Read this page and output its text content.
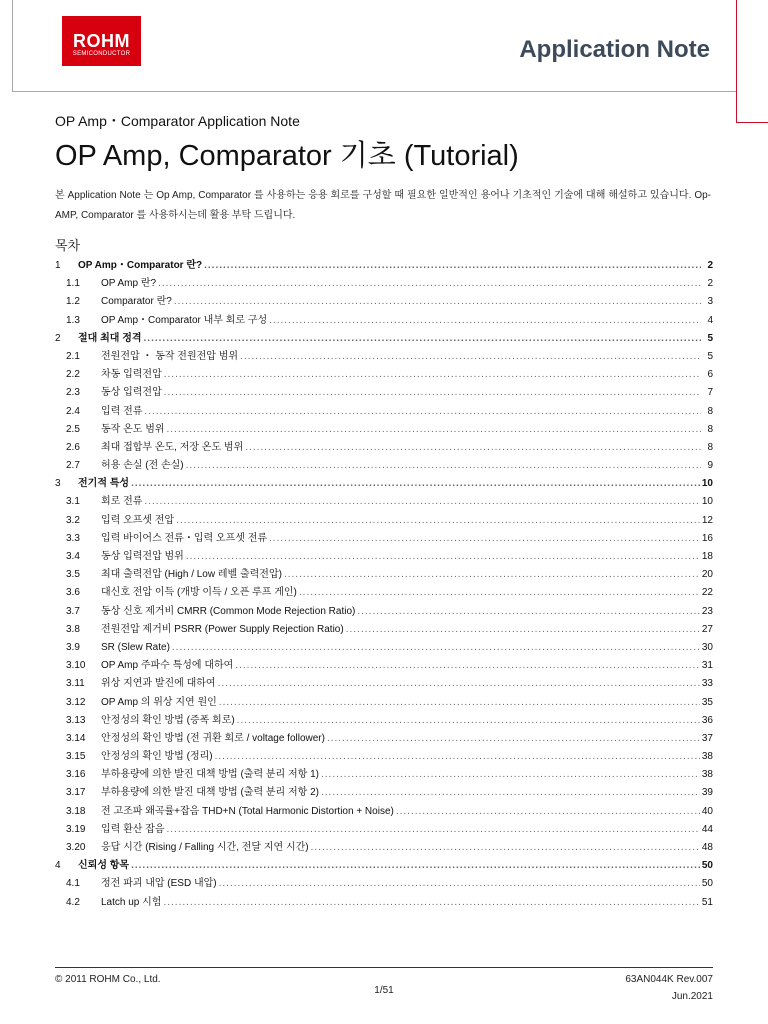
ROHM
SEMICONDUCTOR	Application Note
OP Amp・Comparator Application Note
OP Amp, Comparator 기초 (Tutorial)
본 Application Note 는 Op Amp, Comparator 를 사용하는 응용 회로를 구성할 때 필요한 일반적인 용어나 기초적인 기술에 대해 해설하고 있습니다. Op-AMP, Comparator 를 사용하시는데 활용 부탁 드립니다.
목차
1	OP Amp・Comparator 란? .....	2
1.1	OP Amp 란? .....	2
1.2	Comparator 란? .....	3
1.3	OP Amp・Comparator 내부 회로 구성 .....	4
2	절대 최대 정격 .....	5
2.1	전원전압 ・ 동작 전원전압 범위 .....	5
2.2	차동 입력전압 .....	6
2.3	동상 입력전압 .....	7
2.4	입력 전류 .....	8
2.5	동작 온도 범위 .....	8
2.6	최대 접합부 온도, 저장 온도 범위 .....	8
2.7	허용 손실 (전 손실) .....	9
3	전기적 특성 .....	10
3.1	회로 전류 .....	10
3.2	입력 오프셋 전압 .....	12
3.3	입력 바이어스 전류・입력 오프셋 전류 .....	16
3.4	동상 입력전압 범위 .....	18
3.5	최대 출력전압 (High / Low 레벨 출력전압) .....	20
3.6	대신호 전압 이득 (개방 이득 / 오픈 루프 게인) .....	22
3.7	동상 신호 제거비 CMRR (Common Mode Rejection Ratio) .....	23
3.8	전원전압 제거비 PSRR (Power Supply Rejection Ratio) .....	27
3.9	SR (Slew Rate) .....	30
3.10	OP Amp 주파수 특성에 대하여 .....	31
3.11	위상 지연과 발진에 대하여 .....	33
3.12	OP Amp 의 위상 지연 원인 .....	35
3.13	안정성의 확인 방법 (증폭 회로) .....	36
3.14	안정성의 확인 방법 (전 귀환 회로 / voltage follower) .....	37
3.15	안정성의 확인 방법 (정리) .....	38
3.16	부하용량에 의한 발진 대책 방법 (출력 분리 저항 1) .....	38
3.17	부하용량에 의한 발진 대책 방법 (출력 분리 저항 2) .....	39
3.18	전 고조파 왜곡률+잡음 THD+N (Total Harmonic Distortion + Noise) .....	40
3.19	입력 환산 잡음 .....	44
3.20	응답 시간 (Rising / Falling 시간, 전달 지연 시간) .....	48
4	신뢰성 항목 .....	50
4.1	정전 파괴 내압 (ESD 내압) .....	50
4.2	Latch up 시험 .....	51
© 2011 ROHM Co., Ltd.
1/51
63AN044K Rev.007
Jun.2021
